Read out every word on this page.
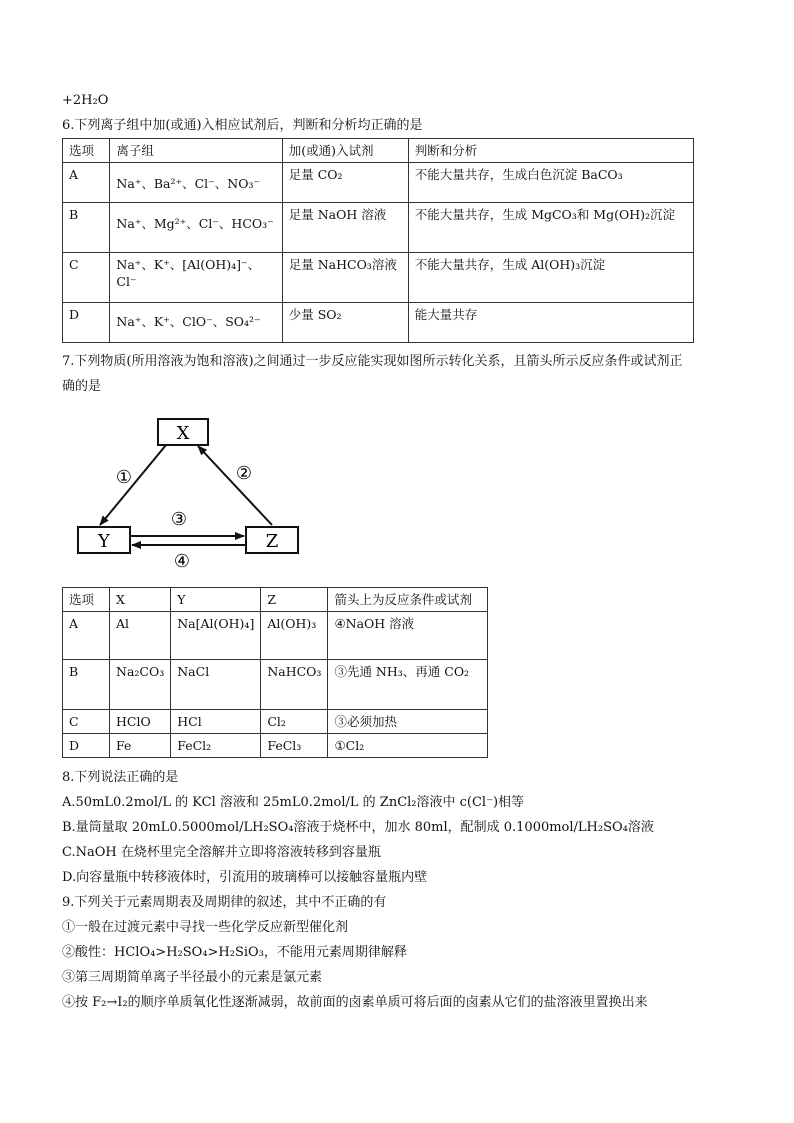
+2H₂O
6.下列离子组中加(或通)入相应试剂后，判断和分析均正确的是
选项	离子组	加(或通)入试剂	判断和分析
A	Na⁺、Ba²⁺、Cl⁻、NO₃⁻	足量 CO₂	不能大量共存，生成白色沉淀 BaCO₃
B	Na⁺、Mg²⁺、Cl⁻、HCO₃⁻	足量 NaOH 溶液	不能大量共存，生成 MgCO₃和 Mg(OH)₂沉淀
C	Na⁺、K⁺、[Al(OH)₄]⁻、Cl⁻	足量 NaHCO₃溶液	不能大量共存，生成 Al(OH)₃沉淀
D	Na⁺、K⁺、ClO⁻、SO₄²⁻	少量 SO₂	能大量共存
7.下列物质(所用溶液为饱和溶液)之间通过一步反应能实现如图所示转化关系，且箭头所示反应条件或试剂正
确的是
X
Y	Z
①	②
③
④
选项	X	Y	Z	箭头上为反应条件或试剂
A	Al	Na[Al(OH)₄]	Al(OH)₃	④NaOH 溶液
B	Na₂CO₃	NaCl	NaHCO₃	③先通 NH₃、再通 CO₂
C	HClO	HCl	Cl₂	③必须加热
D	Fe	FeCl₂	FeCl₃	①Cl₂
8.下列说法正确的是
A.50mL0.2mol/L 的 KCl 溶液和 25mL0.2mol/L 的 ZnCl₂溶液中 c(Cl⁻)相等
B.量筒量取 20mL0.5000mol/LH₂SO₄溶液于烧杯中，加水 80ml，配制成 0.1000mol/LH₂SO₄溶液
C.NaOH 在烧杯里完全溶解并立即将溶液转移到容量瓶
D.向容量瓶中转移液体时，引流用的玻璃棒可以接触容量瓶内壁
9.下列关于元素周期表及周期律的叙述，其中不正确的有
①一般在过渡元素中寻找一些化学反应新型催化剂
②酸性：HClO₄>H₂SO₄>H₂SiO₃，不能用元素周期律解释
③第三周期简单离子半径最小的元素是氯元素
④按 F₂→I₂的顺序单质氧化性逐渐减弱，故前面的卤素单质可将后面的卤素从它们的盐溶液里置换出来
